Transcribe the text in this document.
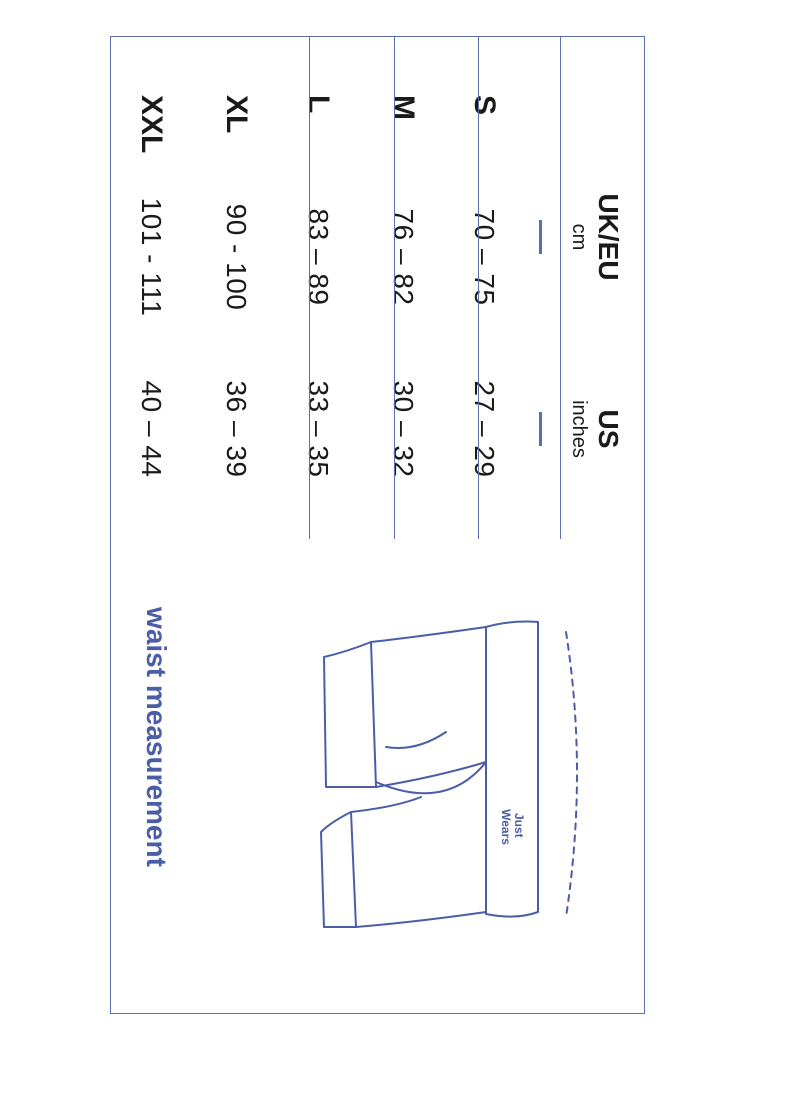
UK/EU
cm
US
inches
S
70 – 75
27 – 29
M
76 – 82
30 – 32
L
83 – 89
33 – 35
XL
90 - 100
36 – 39
XXL
101 - 111
40 – 44
Just Wears
waist measurement
